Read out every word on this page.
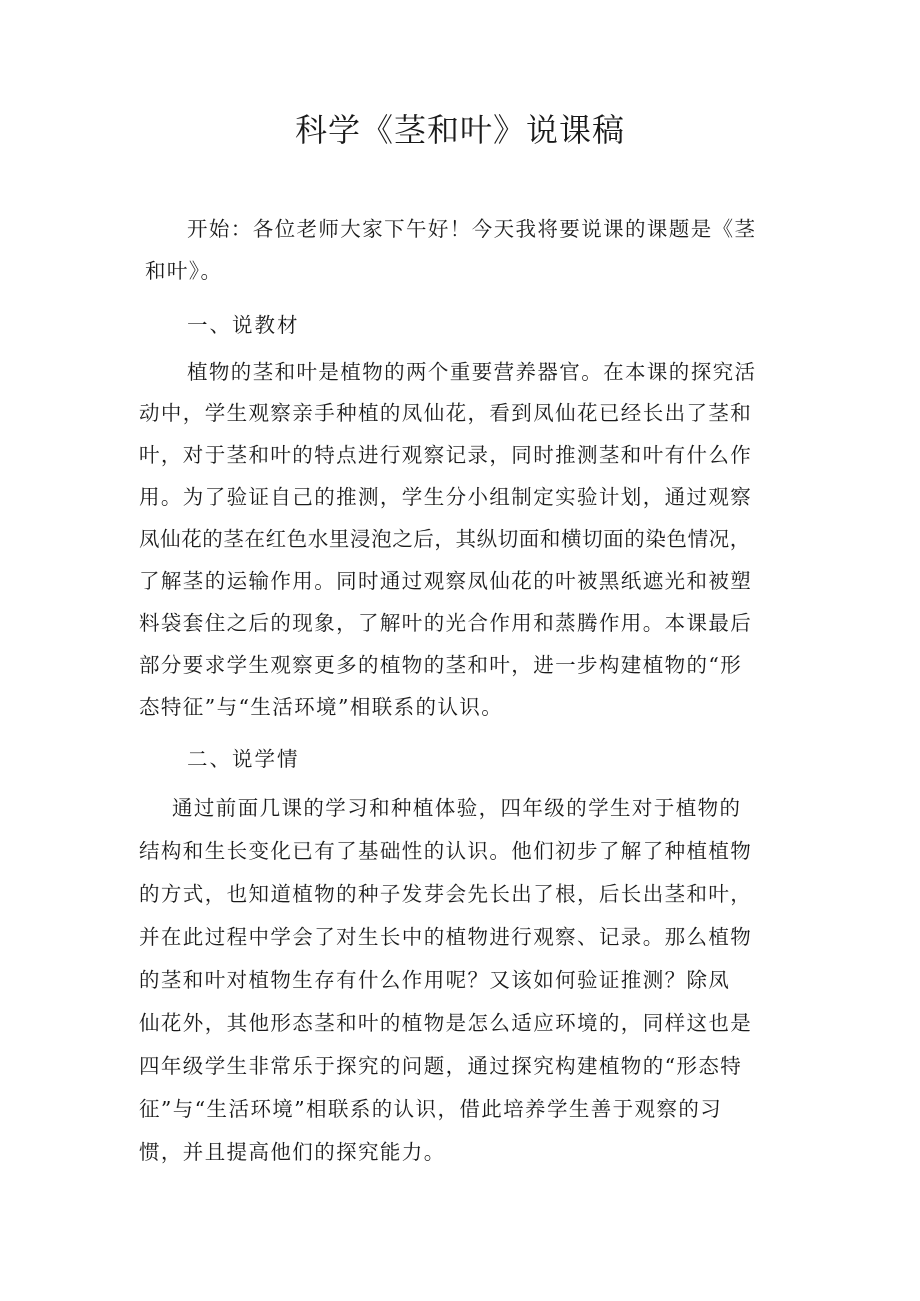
科学《茎和叶》说课稿
开始：各位老师大家下午好！今天我将要说课的课题是《茎
和叶》。
一、说教材
植物的茎和叶是植物的两个重要营养器官。在本课的探究活
动中，学生观察亲手种植的凤仙花，看到凤仙花已经长出了茎和
叶，对于茎和叶的特点进行观察记录，同时推测茎和叶有什么作
用。为了验证自己的推测，学生分小组制定实验计划，通过观察
凤仙花的茎在红色水里浸泡之后，其纵切面和横切面的染色情况，
了解茎的运输作用。同时通过观察凤仙花的叶被黑纸遮光和被塑
料袋套住之后的现象，了解叶的光合作用和蒸腾作用。本课最后
部分要求学生观察更多的植物的茎和叶，进一步构建植物的“形
态特征”与“生活环境”相联系的认识。
二、说学情
通过前面几课的学习和种植体验，四年级的学生对于植物的
结构和生长变化已有了基础性的认识。他们初步了解了种植植物
的方式，也知道植物的种子发芽会先长出了根，后长出茎和叶，
并在此过程中学会了对生长中的植物进行观察、记录。那么植物
的茎和叶对植物生存有什么作用呢？又该如何验证推测？除凤
仙花外，其他形态茎和叶的植物是怎么适应环境的，同样这也是
四年级学生非常乐于探究的问题，通过探究构建植物的“形态特
征”与“生活环境”相联系的认识，借此培养学生善于观察的习
惯，并且提高他们的探究能力。
